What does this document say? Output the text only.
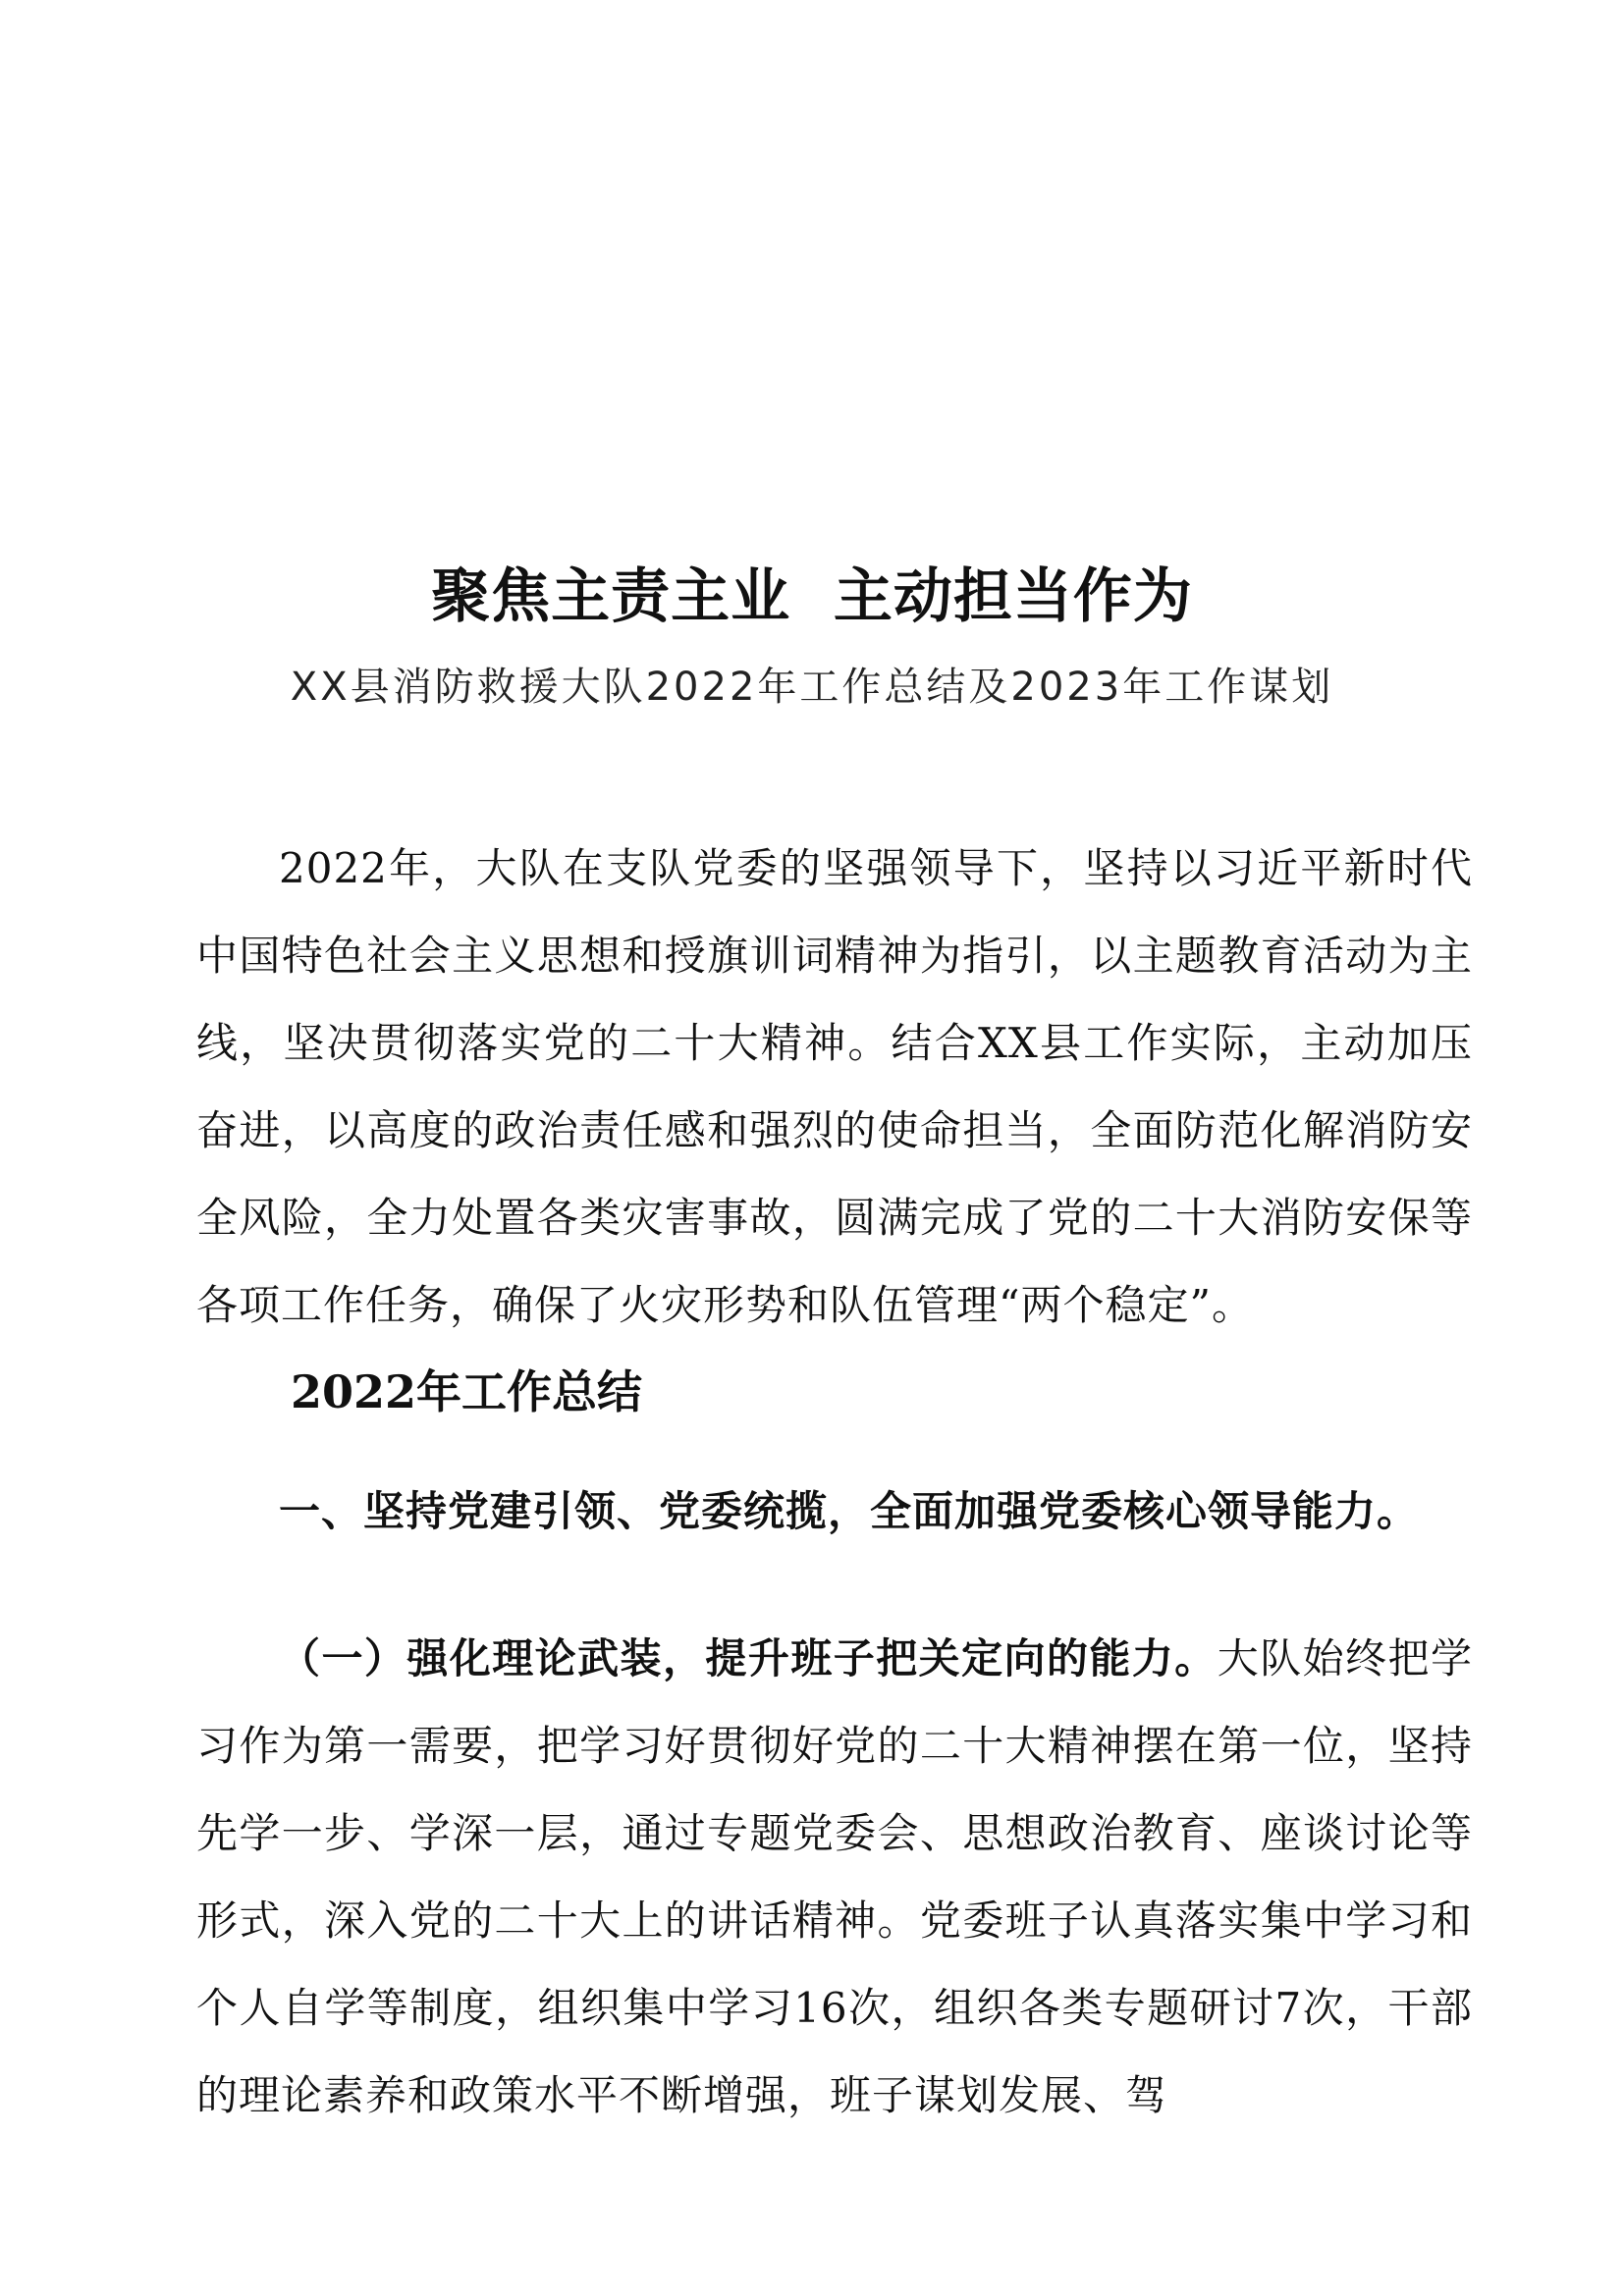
聚焦主责主业  主动担当作为
XX县消防救援大队2022年工作总结及2023年工作谋划
2022年，大队在支队党委的坚强领导下，坚持以习近平新时代中国特色社会主义思想和授旗训词精神为指引，以主题教育活动为主线，坚决贯彻落实党的二十大精神。结合XX县工作实际，主动加压奋进，以高度的政治责任感和强烈的使命担当，全面防范化解消防安全风险，全力处置各类灾害事故，圆满完成了党的二十大消防安保等各项工作任务，确保了火灾形势和队伍管理“两个稳定”。
2022年工作总结
一、坚持党建引领、党委统揽，全面加强党委核心领导能力。
（一）强化理论武装，提升班子把关定向的能力。大队始终把学习作为第一需要，把学习好贯彻好党的二十大精神摆在第一位，坚持先学一步、学深一层，通过专题党委会、思想政治教育、座谈讨论等形式，深入党的二十大上的讲话精神。党委班子认真落实集中学习和个人自学等制度，组织集中学习16次，组织各类专题研讨7次，干部的理论素养和政策水平不断增强，班子谋划发展、驾
